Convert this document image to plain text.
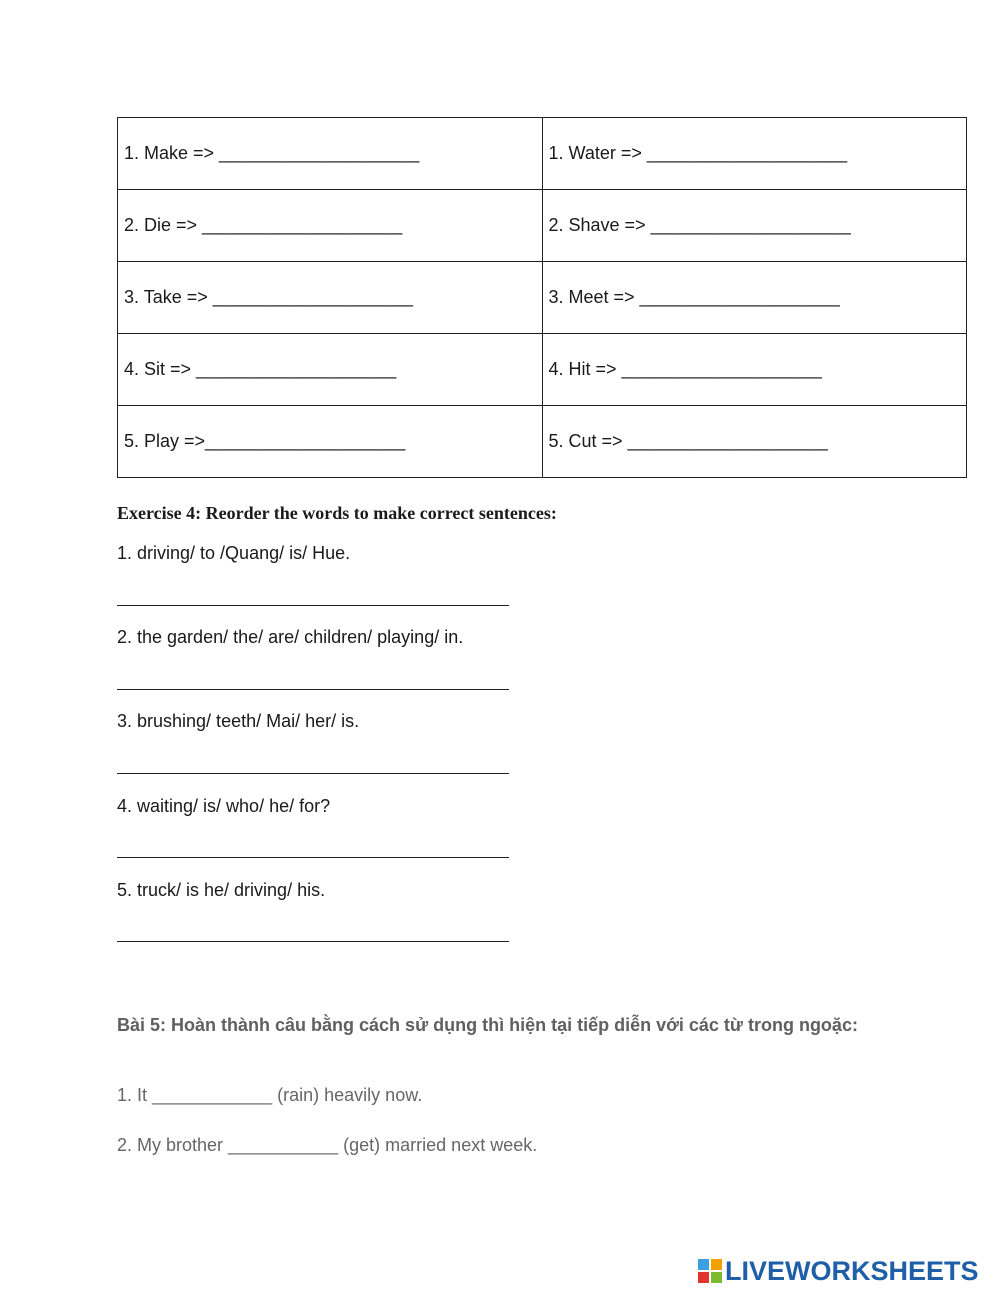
1. Make => ____________________	1. Water => ____________________
2. Die => ____________________	2. Shave => ____________________
3. Take => ____________________	3. Meet => ____________________
4. Sit => ____________________	4. Hit => ____________________
5. Play =>____________________	5. Cut => ____________________
Exercise 4: Reorder the words to make correct sentences:
1. driving/ to /Quang/ is/ Hue.
2. the garden/ the/ are/ children/ playing/ in.
3. brushing/ teeth/ Mai/ her/ is.
4. waiting/ is/ who/ he/ for?
5. truck/ is he/ driving/ his.
Bài 5: Hoàn thành câu bằng cách sử dụng thì hiện tại tiếp diễn với các từ trong ngoặc:
1. It ____________ (rain) heavily now.
2. My brother ___________ (get) married next week.
LIVEWORKSHEETS
